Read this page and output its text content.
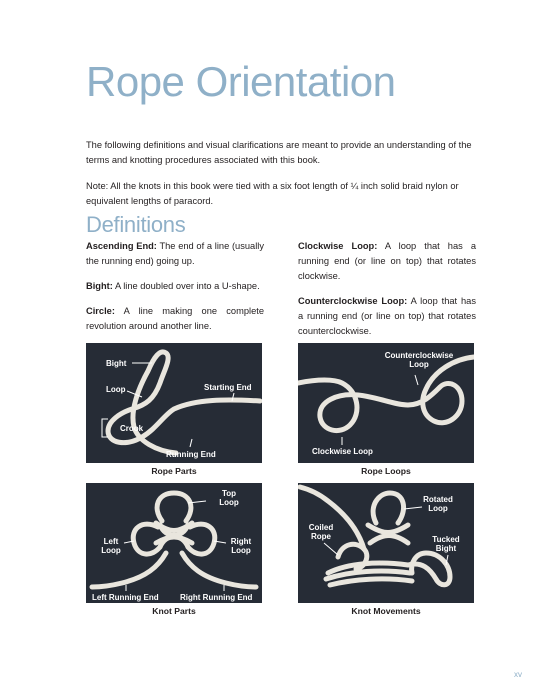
Rope Orientation
The following definitions and visual clarifications are meant to provide an understanding of the terms and knotting procedures associated with this book.
Note: All the knots in this book were tied with a six foot length of ¼ inch solid braid nylon or equivalent lengths of paracord.
Definitions

Ascending End: The end of a line (usually the running end) going up.

Bight: A line doubled over into a U-shape.

Circle: A line making one complete revolution around another line.

Clockwise Loop: A loop that has a running end (or line on top) that rotates clockwise.

Counterclockwise Loop: A loop that has a running end (or line on top) that rotates counterclockwise.

Bight
Loop	Starting End
Crook
Running End
Rope Parts
Counterclockwise
Loop
Clockwise Loop
Rope Loops
Top
Loop
Left
Loop
Right
Loop
Left Running End	Right Running End
Knot Parts
Rotated
Loop
Coiled
Rope	Tucked
Bight
Knot Movements
xv
